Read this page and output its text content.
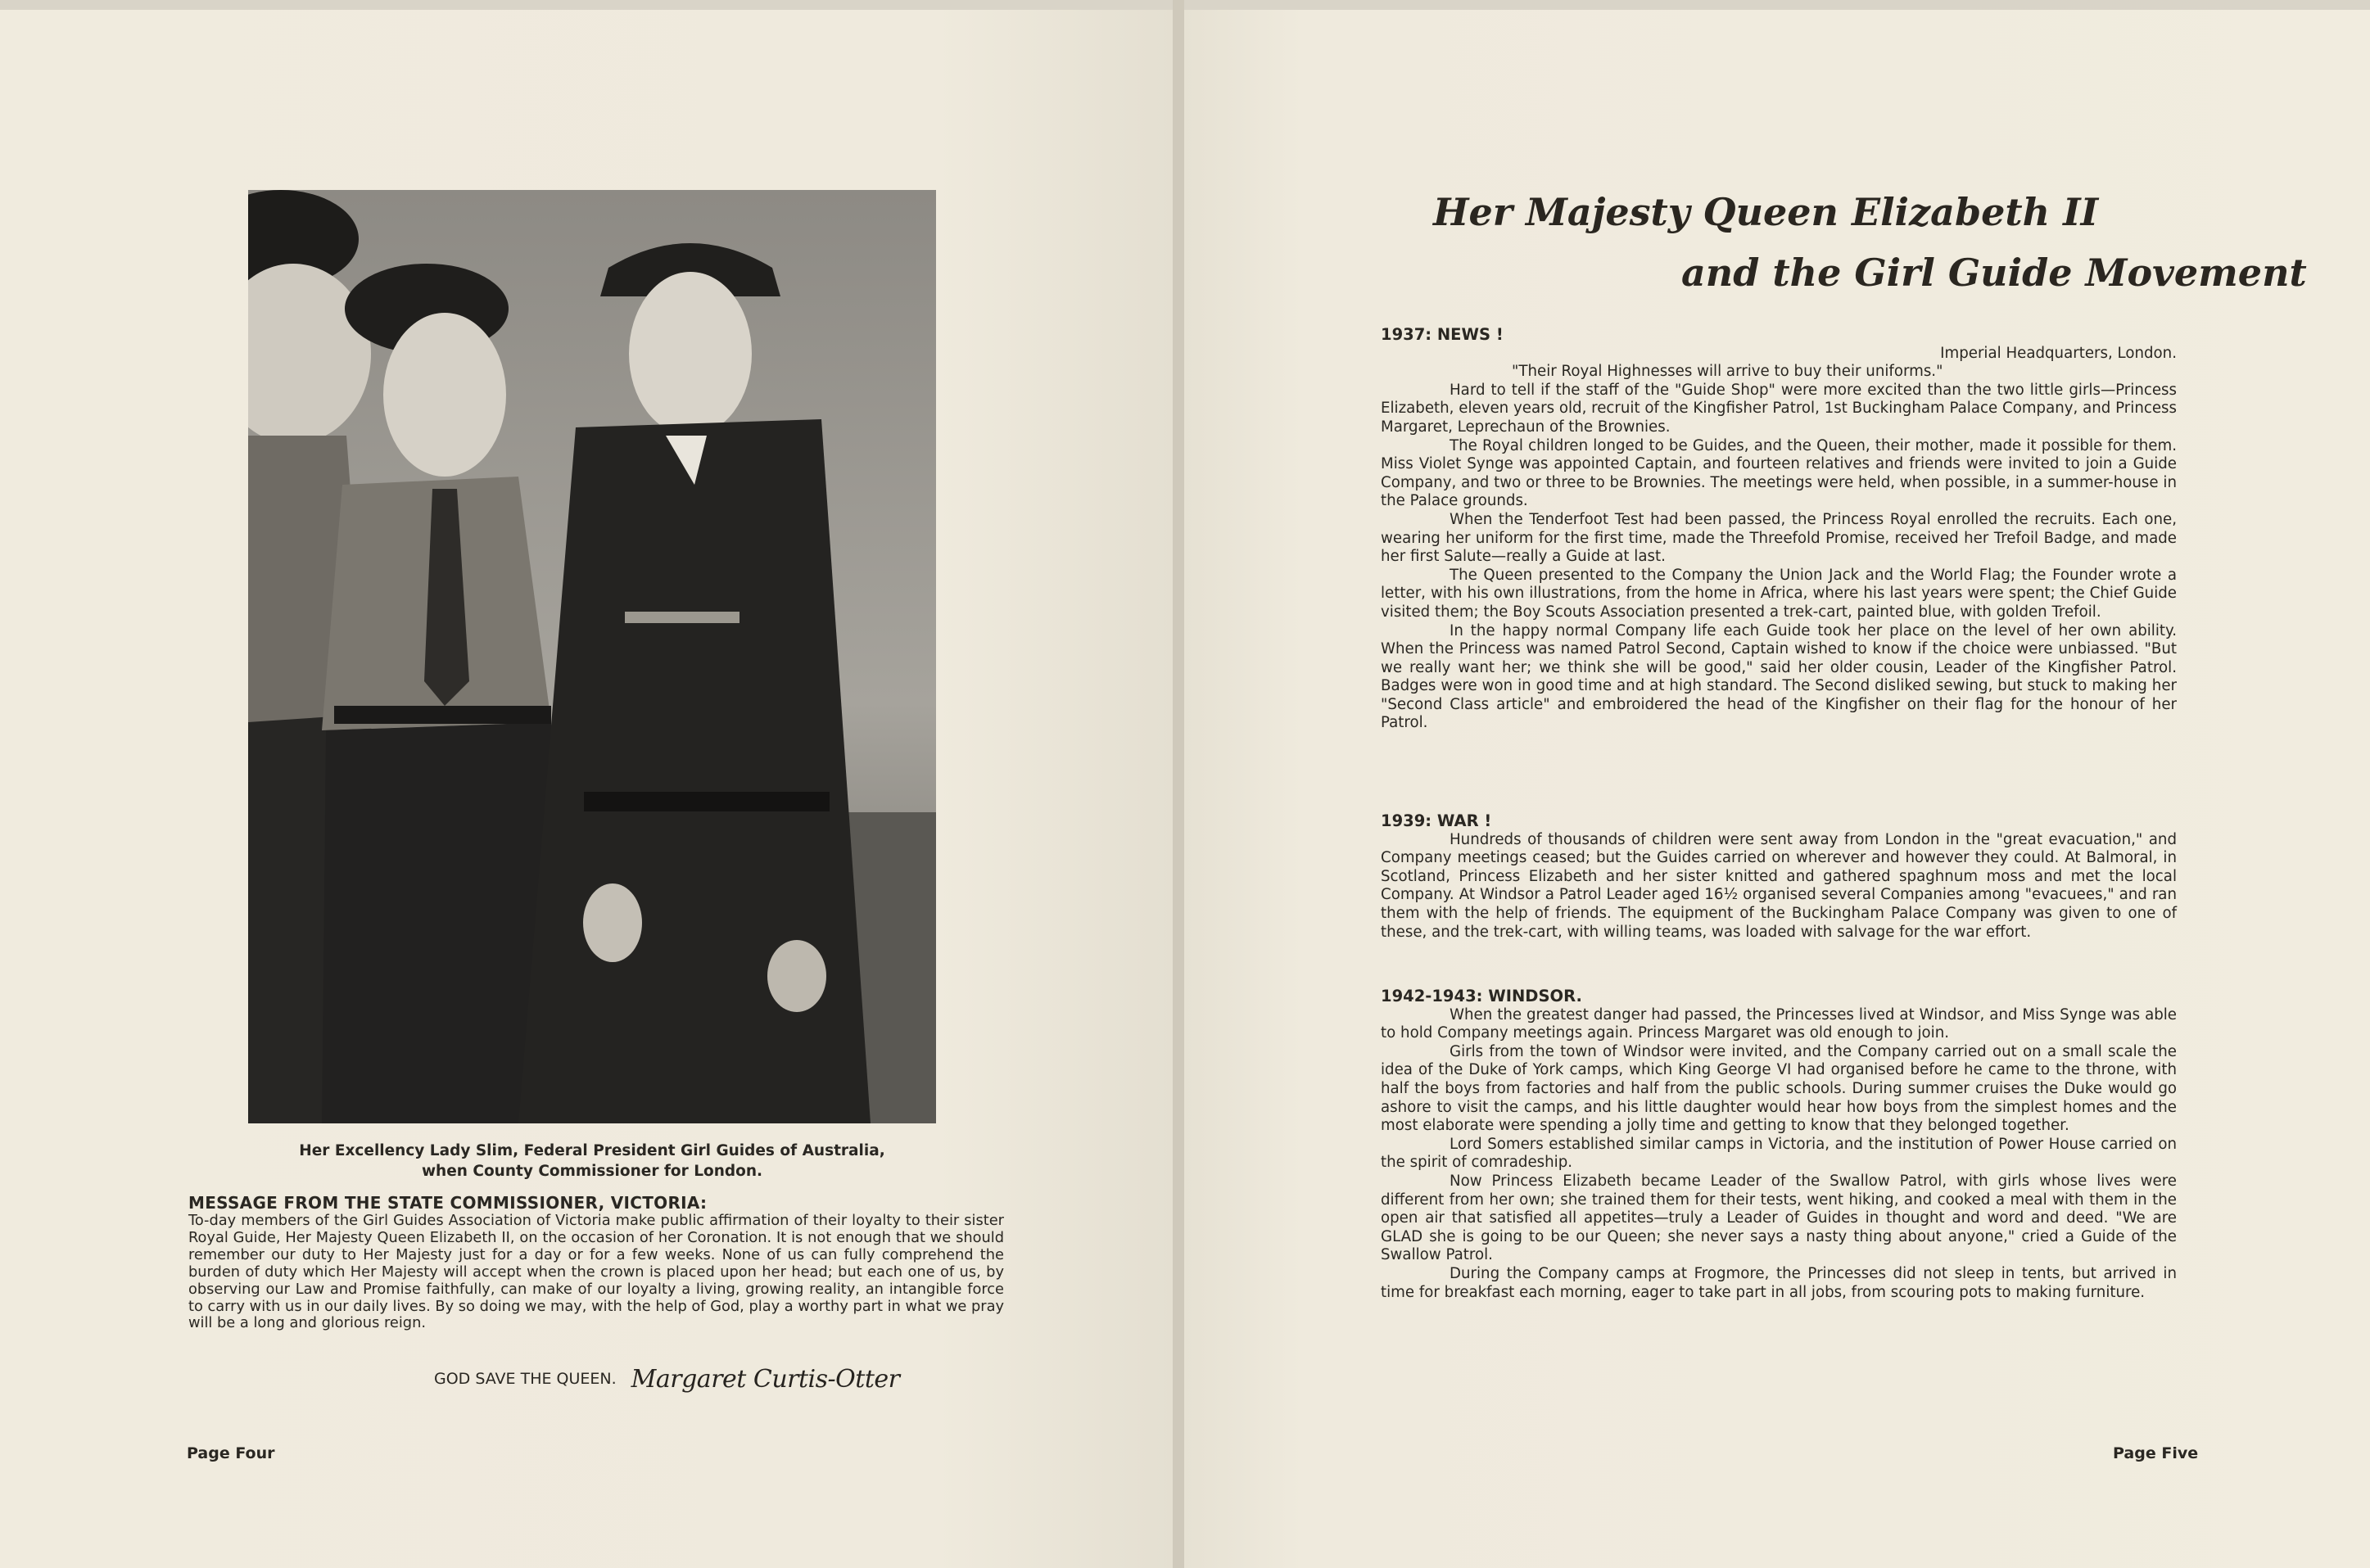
Her Excellency Lady Slim, Federal President Girl Guides of Australia,
when County Commissioner for London.
MESSAGE FROM THE STATE COMMISSIONER, VICTORIA:
To-day members of the Girl Guides Association of Victoria make public affirmation of their loyalty to their sister Royal Guide, Her Majesty Queen Elizabeth II, on the occasion of her Coronation. It is not enough that we should remember our duty to Her Majesty just for a day or for a few weeks. None of us can fully comprehend the burden of duty which Her Majesty will accept when the crown is placed upon her head; but each one of us, by observing our Law and Promise faithfully, can make of our loyalty a living, growing reality, an intangible force to carry with us in our daily lives. By so doing we may, with the help of God, play a worthy part in what we pray will be a long and glorious reign.
GOD SAVE THE QUEEN. Margaret Curtis-Otter
Page Four
Her Majesty Queen Elizabeth II
and the Girl Guide Movement

1937: NEWS !

Imperial Headquarters, London.

"Their Royal Highnesses will arrive to buy their uniforms."

Hard to tell if the staff of the "Guide Shop" were more excited than the two little girls—Princess Elizabeth, eleven years old, recruit of the Kingfisher Patrol, 1st Buckingham Palace Company, and Princess Margaret, Leprechaun of the Brownies.

The Royal children longed to be Guides, and the Queen, their mother, made it possible for them. Miss Violet Synge was appointed Captain, and fourteen relatives and friends were invited to join a Guide Company, and two or three to be Brownies. The meetings were held, when possible, in a summer-house in the Palace grounds.

When the Tenderfoot Test had been passed, the Princess Royal enrolled the recruits. Each one, wearing her uniform for the first time, made the Threefold Promise, received her Trefoil Badge, and made her first Salute—really a Guide at last.

The Queen presented to the Company the Union Jack and the World Flag; the Founder wrote a letter, with his own illustrations, from the home in Africa, where his last years were spent; the Chief Guide visited them; the Boy Scouts Association presented a trek-cart, painted blue, with golden Trefoil.

In the happy normal Company life each Guide took her place on the level of her own ability. When the Princess was named Patrol Second, Captain wished to know if the choice were unbiassed. "But we really want her; we think she will be good," said her older cousin, Leader of the Kingfisher Patrol. Badges were won in good time and at high standard. The Second disliked sewing, but stuck to making her "Second Class article" and embroidered the head of the Kingfisher on their flag for the honour of her Patrol.

1939: WAR !

Hundreds of thousands of children were sent away from London in the "great evacuation," and Company meetings ceased; but the Guides carried on wherever and however they could. At Balmoral, in Scotland, Princess Elizabeth and her sister knitted and gathered spaghnum moss and met the local Company. At Windsor a Patrol Leader aged 16½ organised several Companies among "evacuees," and ran them with the help of friends. The equipment of the Buckingham Palace Company was given to one of these, and the trek-cart, with willing teams, was loaded with salvage for the war effort.

1942-1943: WINDSOR.

When the greatest danger had passed, the Princesses lived at Windsor, and Miss Synge was able to hold Company meetings again. Princess Margaret was old enough to join.

Girls from the town of Windsor were invited, and the Company carried out on a small scale the idea of the Duke of York camps, which King George VI had organised before he came to the throne, with half the boys from factories and half from the public schools. During summer cruises the Duke would go ashore to visit the camps, and his little daughter would hear how boys from the simplest homes and the most elaborate were spending a jolly time and getting to know that they belonged together.

Lord Somers established similar camps in Victoria, and the institution of Power House carried on the spirit of comradeship.

Now Princess Elizabeth became Leader of the Swallow Patrol, with girls whose lives were different from her own; she trained them for their tests, went hiking, and cooked a meal with them in the open air that satisfied all appetites—truly a Leader of Guides in thought and word and deed. "We are GLAD she is going to be our Queen; she never says a nasty thing about anyone," cried a Guide of the Swallow Patrol.

During the Company camps at Frogmore, the Princesses did not sleep in tents, but arrived in time for breakfast each morning, eager to take part in all jobs, from scouring pots to making furniture.

Page Five
